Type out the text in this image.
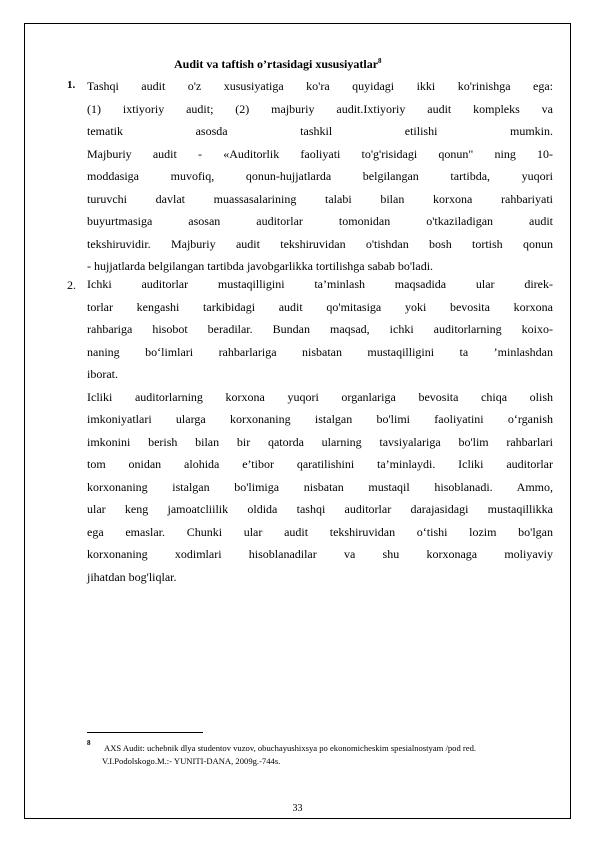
Audit va taftish o’rtasidagi xususiyatlar$^8$
1. Tashqi audit o'z xususiyatiga ko'ra quyidagi ikki ko'rinishga ega:
(1) ixtiyoriy audit; (2) majburiy audit.Ixtiyoriy audit kompleks va
tematik asosda tashkil etilishi mumkin.
Majburiy audit - «Auditorlik faoliyati to'g'risidagi qonun" ning 10-
moddasiga muvofiq, qonun-hujjatlarda belgilangan tartibda, yuqori
turuvchi davlat muassasalarining talabi bilan korxona rahbariyati
buyurtmasiga asosan auditorlar tomonidan o'tkaziladigan audit
tekshiruvidir. Majburiy audit tekshiruvidan o'tishdan bosh tortish qonun
- hujjatlarda belgilangan tartibda javobgarlikka tortilishga sabab bo'ladi.
2. Ichki auditorlar mustaqilligini ta’minlash maqsadida ular direk-
torlar kengashi tarkibidagi audit qo'mitasiga yoki bevosita korxona
rahbariga hisobot beradilar. Bundan maqsad, ichki auditorlarning koixo-
naning bo‘limlari rahbarlariga nisbatan mustaqilligini ta ’minlashdan
iborat.
Icliki auditorlarning korxona yuqori organlariga bevosita chiqa olish
imkoniyatlari ularga korxonaning istalgan bo'limi faoliyatini o‘rganish
imkonini berish bilan bir qatorda ularning tavsiyalariga bo'lim rahbarlari
tom onidan alohida e’tibor qaratilishini ta’minlaydi. Icliki auditorlar
korxonaning istalgan bo'limiga nisbatan mustaqil hisoblanadi. Ammo,
ular keng jamoatcliilik oldida tashqi auditorlar darajasidagi mustaqillikka
ega emaslar. Chunki ular audit tekshiruvidan o‘tishi lozim bo'lgan
korxonaning xodimlari hisoblanadilar va shu korxonaga moliyaviy
jihatdan bog'liqlar.
8 AXS Audit: uchebnik dlya studentov vuzov, obuchayushixsya po ekonomicheskim spesialnostyam /pod red.
V.I.Podolskogo.M.:- YUNITI-DANA, 2009g.-744s.
33
